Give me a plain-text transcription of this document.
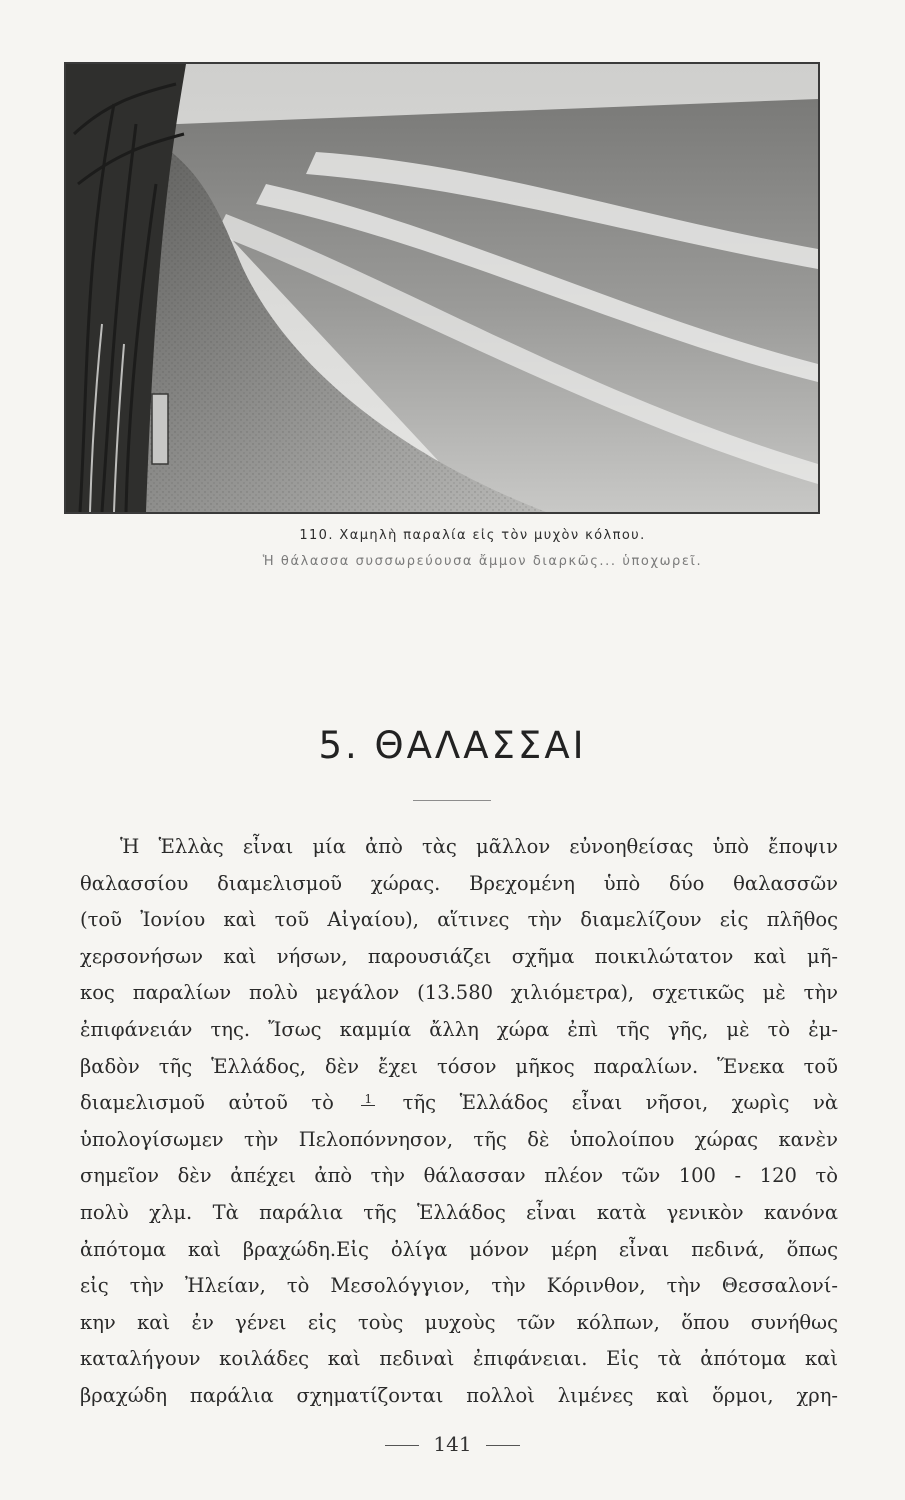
110. Χαμηλὴ παραλία εἰς τὸν μυχὸν κόλπου.
Ἡ θάλασσα συσσωρεύουσα ἄμμον διαρκῶς... ὑποχωρεῖ.
5. ΘΑΛΑΣΣΑΙ
Ἡ Ἑλλὰς εἶναι μία ἀπὸ τὰς μᾶλλον εὐνοηθείσας ὑπὸ ἔποψιν
θαλασσίου διαμελισμοῦ χώρας. Βρεχομένη ὑπὸ δύο θαλασσῶν
(τοῦ Ἰονίου καὶ τοῦ Αἰγαίου), αἵτινες τὴν διαμελίζουν εἰς πλῆθος
χερσονήσων καὶ νήσων, παρουσιάζει σχῆμα ποικιλώτατον καὶ μῆ-
κος παραλίων πολὺ μεγάλον (13.580 χιλιόμετρα), σχετικῶς μὲ τὴν
ἐπιφάνειάν της. Ἴσως καμμία ἄλλη χώρα ἐπὶ τῆς γῆς, μὲ τὸ ἐμ-
βαδὸν τῆς Ἑλλάδος, δὲν ἔχει τόσον μῆκος παραλίων. Ἕνεκα τοῦ
διαμελισμοῦ αὐτοῦ τὸ	1 τῆς Ἑλλάδος εἶναι νῆσοι, χωρὶς νὰ
ὑπολογίσωμεν τὴν Πελοπόννησον, τῆς δὲ ὑπολοίπου χώρας κανὲν
σημεῖον δὲν ἀπέχει ἀπὸ τὴν θάλασσαν πλέον τῶν 100 - 120 τὸ
πολὺ χλμ. Τὰ παράλια τῆς Ἑλλάδος εἶναι κατὰ γενικὸν κανόνα
ἀπότομα καὶ βραχώδη.Εἰς ὀλίγα μόνον μέρη εἶναι πεδινά, ὅπως
εἰς τὴν Ἠλείαν, τὸ Μεσολόγγιον, τὴν Κόρινθον, τὴν Θεσσαλονί-
κην καὶ ἐν γένει εἰς τοὺς μυχοὺς τῶν κόλπων, ὅπου συνήθως
καταλήγουν κοιλάδες καὶ πεδιναὶ ἐπιφάνειαι. Εἰς τὰ ἀπότομα καὶ
βραχώδη παράλια σχηματίζονται πολλοὶ λιμένες καὶ ὅρμοι, χρη-
141
